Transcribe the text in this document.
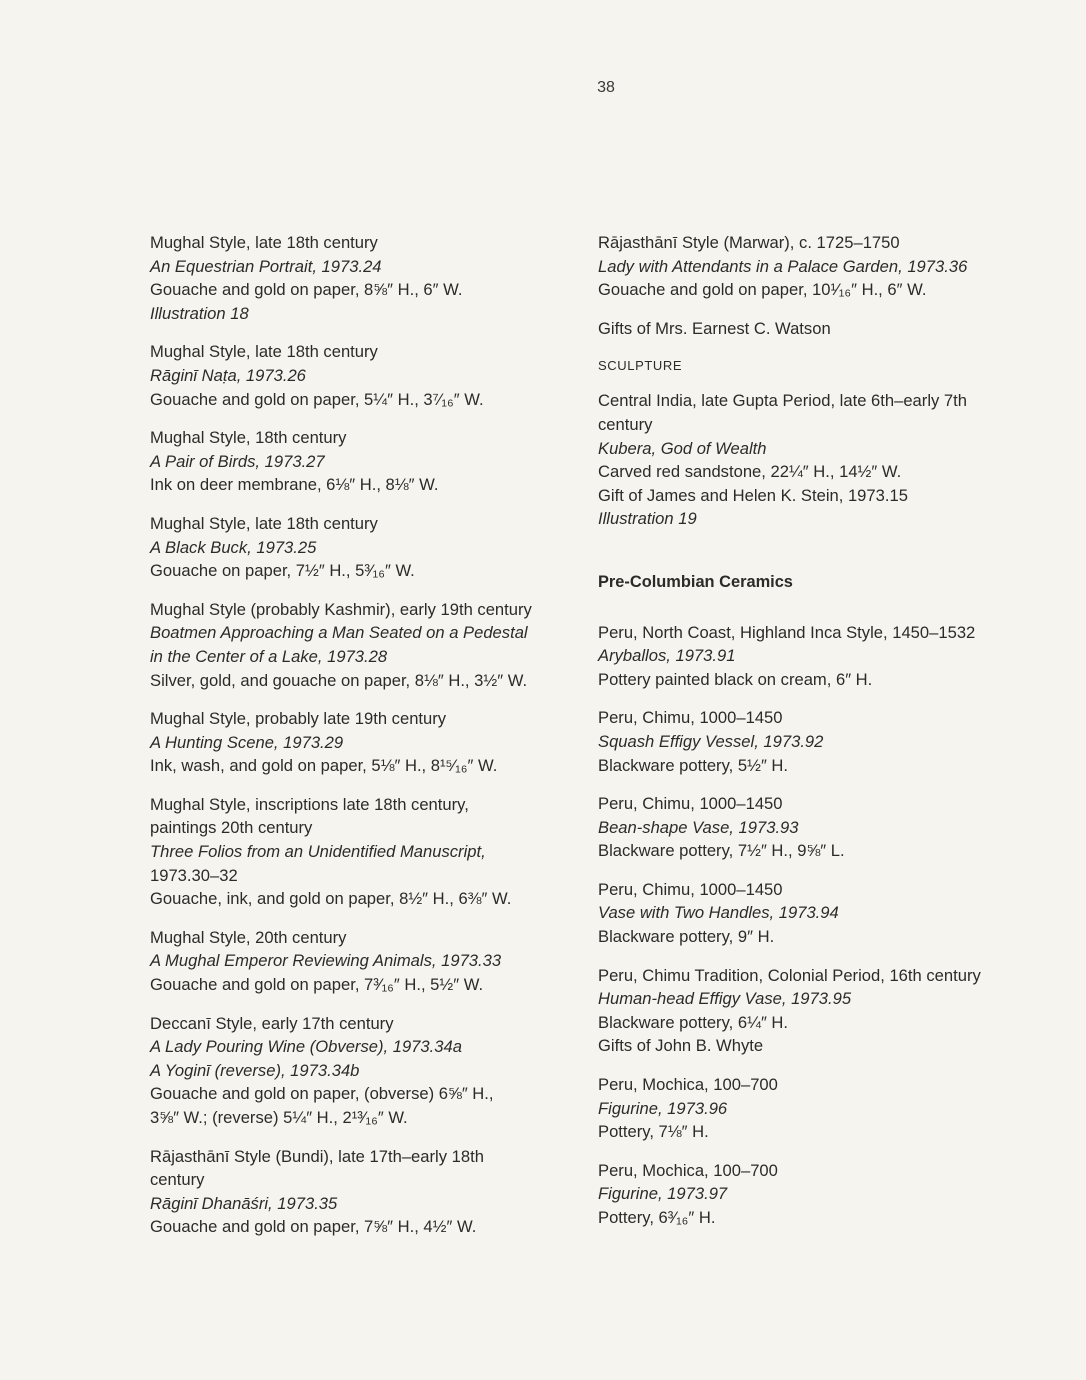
38
Mughal Style, late 18th century
An Equestrian Portrait, 1973.24
Gouache and gold on paper, 8⅝″ H., 6″ W.
Illustration 18
Mughal Style, late 18th century
Rāginī Naṭa, 1973.26
Gouache and gold on paper, 5¼″ H., 3⁷⁄₁₆″ W.
Mughal Style, 18th century
A Pair of Birds, 1973.27
Ink on deer membrane, 6⅛″ H., 8⅛″ W.
Mughal Style, late 18th century
A Black Buck, 1973.25
Gouache on paper, 7½″ H., 5³⁄₁₆″ W.
Mughal Style (probably Kashmir), early 19th century
Boatmen Approaching a Man Seated on a Pedestal
in the Center of a Lake, 1973.28
Silver, gold, and gouache on paper, 8⅛″ H., 3½″ W.
Mughal Style, probably late 19th century
A Hunting Scene, 1973.29
Ink, wash, and gold on paper, 5⅛″ H., 8¹⁵⁄₁₆″ W.
Mughal Style, inscriptions late 18th century,
paintings 20th century
Three Folios from an Unidentified Manuscript,
1973.30–32
Gouache, ink, and gold on paper, 8½″ H., 6⅜″ W.
Mughal Style, 20th century
A Mughal Emperor Reviewing Animals, 1973.33
Gouache and gold on paper, 7³⁄₁₆″ H., 5½″ W.
Deccanī Style, early 17th century
A Lady Pouring Wine (Obverse), 1973.34a
A Yoginī (reverse), 1973.34b
Gouache and gold on paper, (obverse) 6⅝″ H.,
3⅝″ W.; (reverse) 5¼″ H., 2¹³⁄₁₆″ W.
Rājasthānī Style (Bundi), late 17th–early 18th
century
Rāginī Dhanāśri, 1973.35
Gouache and gold on paper, 7⅝″ H., 4½″ W.
Rājasthānī Style (Marwar), c. 1725–1750
Lady with Attendants in a Palace Garden, 1973.36
Gouache and gold on paper, 10¹⁄₁₆″ H., 6″ W.
Gifts of Mrs. Earnest C. Watson
SCULPTURE
Central India, late Gupta Period, late 6th–early 7th
century
Kubera, God of Wealth
Carved red sandstone, 22¼″ H., 14½″ W.
Gift of James and Helen K. Stein, 1973.15
Illustration 19
Pre-Columbian Ceramics
Peru, North Coast, Highland Inca Style, 1450–1532
Aryballos, 1973.91
Pottery painted black on cream, 6″ H.
Peru, Chimu, 1000–1450
Squash Effigy Vessel, 1973.92
Blackware pottery, 5½″ H.
Peru, Chimu, 1000–1450
Bean-shape Vase, 1973.93
Blackware pottery, 7½″ H., 9⅝″ L.
Peru, Chimu, 1000–1450
Vase with Two Handles, 1973.94
Blackware pottery, 9″ H.
Peru, Chimu Tradition, Colonial Period, 16th century
Human-head Effigy Vase, 1973.95
Blackware pottery, 6¼″ H.
Gifts of John B. Whyte
Peru, Mochica, 100–700
Figurine, 1973.96
Pottery, 7⅛″ H.
Peru, Mochica, 100–700
Figurine, 1973.97
Pottery, 6³⁄₁₆″ H.
